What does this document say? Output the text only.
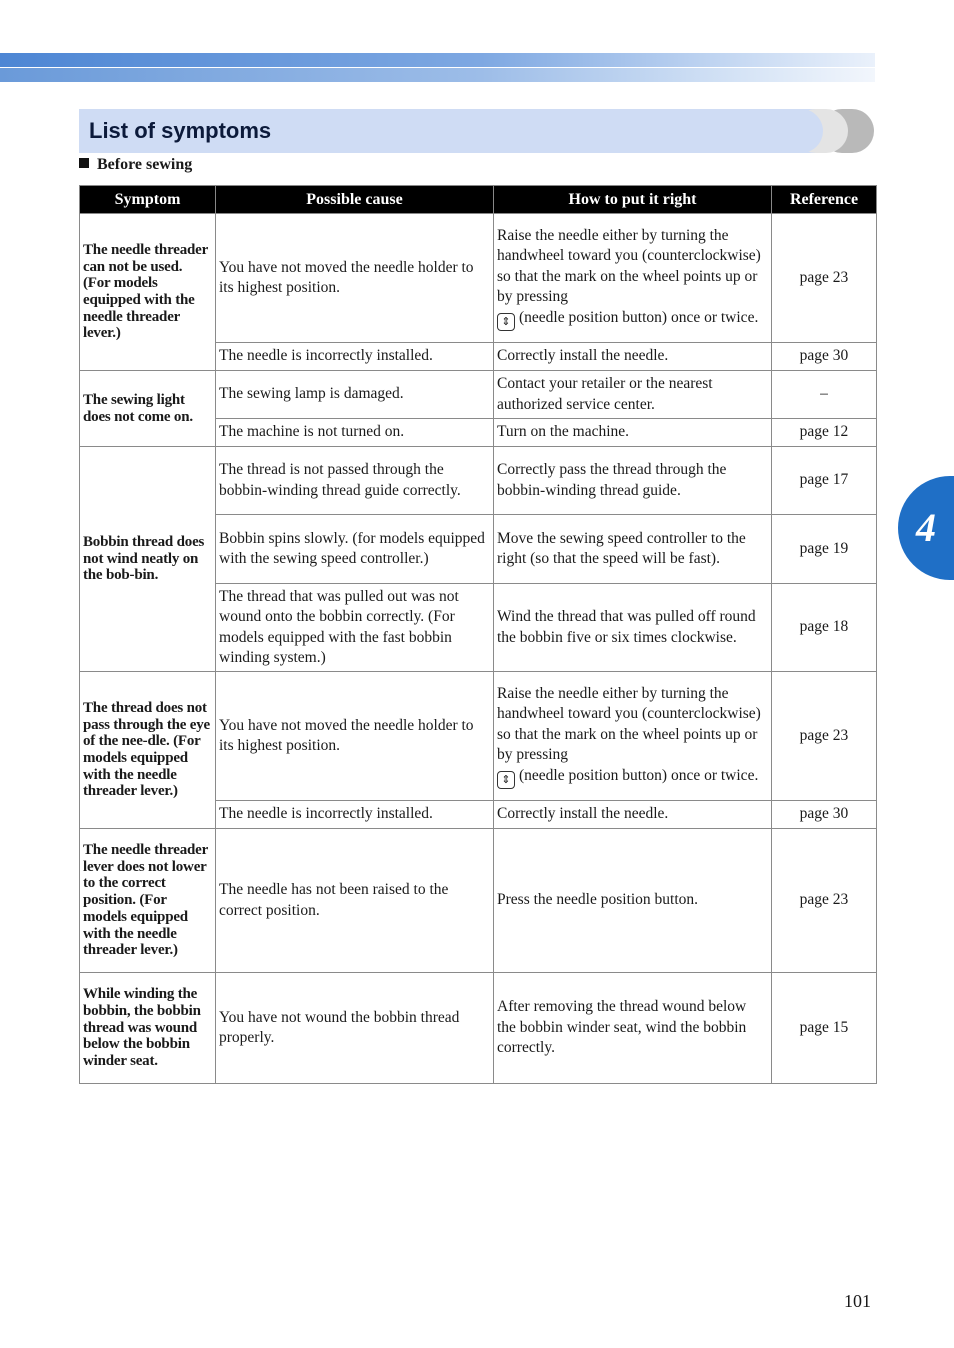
List of symptoms
Before sewing
Symptom	Possible cause	How to put it right	Reference
The needle threader can not be used. (For models equipped with the needle threader lever.)	You have not moved the needle holder to its highest position.	Raise the needle either by turning the handwheel toward you (counterclockwise) so that the mark on the wheel points up or by pressing
⇕ (needle position button) once or twice.	page 23
	The needle is incorrectly installed.	Correctly install the needle.	page 30
The sewing light does not come on.	The sewing lamp is damaged.	Contact your retailer or the nearest authorized service center.	–
	The machine is not turned on.	Turn on the machine.	page 12
Bobbin thread does not wind neatly on the bob-bin.	The thread is not passed through the bobbin-winding thread guide correctly.	Correctly pass the thread through the bobbin-winding thread guide.	page 17
	Bobbin spins slowly. (for models equipped with the sewing speed controller.)	Move the sewing speed controller to the right (so that the speed will be fast).	page 19
	The thread that was pulled out was not wound onto the bobbin correctly. (For models equipped with the fast bobbin winding system.)	Wind the thread that was pulled off round the bobbin five or six times clockwise.	page 18
The thread does not pass through the eye of the nee-dle. (For models equipped with the needle threader lever.)	You have not moved the needle holder to its highest position.	Raise the needle either by turning the handwheel toward you (counterclockwise) so that the mark on the wheel points up or by pressing
⇕ (needle position button) once or twice.	page 23
	The needle is incorrectly installed.	Correctly install the needle.	page 30
The needle threader lever does not lower to the correct position. (For models equipped with the needle threader lever.)	The needle has not been raised to the correct position.	Press the needle position button.	page 23
While winding the bobbin, the bobbin thread was wound below the bobbin winder seat.	You have not wound the bobbin thread properly.	After removing the thread wound below the bobbin winder seat, wind the bobbin correctly.	page 15
4
101
